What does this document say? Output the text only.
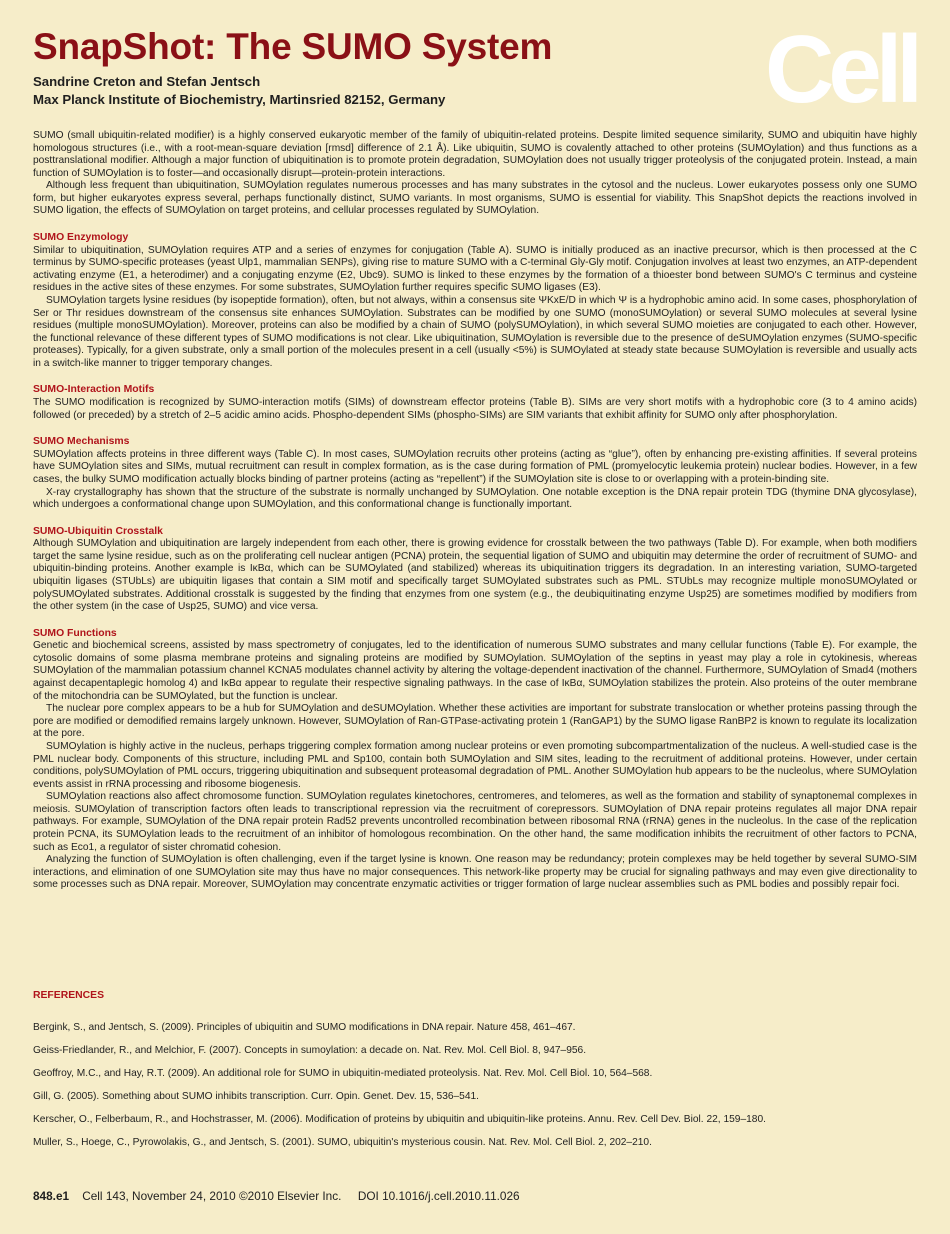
SnapShot: The SUMO System
Sandrine Creton and Stefan Jentsch
Max Planck Institute of Biochemistry, Martinsried 82152, Germany	Cell

SUMO (small ubiquitin-related modifier) is a highly conserved eukaryotic member of the family of ubiquitin-related proteins. Despite limited sequence similarity, SUMO and ubiquitin have highly homologous structures (i.e., with a root-mean-square deviation [rmsd] difference of 2.1 Å). Like ubiquitin, SUMO is covalently attached to other proteins (SUMOylation) and thus functions as a posttranslational modifier. Although a major function of ubiquitination is to promote protein degradation, SUMOylation does not usually trigger proteolysis of the conjugated protein. Instead, a main function of SUMOylation is to foster—and occasionally disrupt—protein-protein interactions.

Although less frequent than ubiquitination, SUMOylation regulates numerous processes and has many substrates in the cytosol and the nucleus. Lower eukaryotes possess only one SUMO form, but higher eukaryotes express several, perhaps functionally distinct, SUMO variants. In most organisms, SUMO is essential for viability. This SnapShot depicts the reactions involved in SUMO ligation, the effects of SUMOylation on target proteins, and cellular processes regulated by SUMOylation.

SUMO Enzymology

Similar to ubiquitination, SUMOylation requires ATP and a series of enzymes for conjugation (Table A). SUMO is initially produced as an inactive precursor, which is then processed at the C terminus by SUMO-specific proteases (yeast Ulp1, mammalian SENPs), giving rise to mature SUMO with a C-terminal Gly-Gly motif. Conjugation involves at least two enzymes, an ATP-dependent activating enzyme (E1, a heterodimer) and a conjugating enzyme (E2, Ubc9). SUMO is linked to these enzymes by the formation of a thioester bond between SUMO's C terminus and cysteine residues in the active sites of these enzymes. For some substrates, SUMOylation further requires specific SUMO ligases (E3).

SUMOylation targets lysine residues (by isopeptide formation), often, but not always, within a consensus site ΨKxE/D in which Ψ is a hydrophobic amino acid. In some cases, phosphorylation of Ser or Thr residues downstream of the consensus site enhances SUMOylation. Substrates can be modified by one SUMO (monoSUMOylation) or several SUMO molecules at several lysine residues (multiple monoSUMOylation). Moreover, proteins can also be modified by a chain of SUMO (polySUMOylation), in which several SUMO moieties are conjugated to each other. However, the functional relevance of these different types of SUMO modifications is not clear. Like ubiquitination, SUMOylation is reversible due to the presence of deSUMOylation enzymes (SUMO-specific proteases). Typically, for a given substrate, only a small portion of the molecules present in a cell (usually <5%) is SUMOylated at steady state because SUMOylation is reversible and usually acts in a switch-like manner to trigger temporary changes.

SUMO-Interaction Motifs

The SUMO modification is recognized by SUMO-interaction motifs (SIMs) of downstream effector proteins (Table B). SIMs are very short motifs with a hydrophobic core (3 to 4 amino acids) followed (or preceded) by a stretch of 2–5 acidic amino acids. Phospho-dependent SIMs (phospho-SIMs) are SIM variants that exhibit affinity for SUMO only after phosphorylation.

SUMO Mechanisms

SUMOylation affects proteins in three different ways (Table C). In most cases, SUMOylation recruits other proteins (acting as “glue”), often by enhancing pre-existing affinities. If several proteins have SUMOylation sites and SIMs, mutual recruitment can result in complex formation, as is the case during formation of PML (promyelocytic leukemia protein) nuclear bodies. However, in a few cases, the bulky SUMO modification actually blocks binding of partner proteins (acting as “repellent”) if the SUMOylation site is close to or overlapping with a protein-binding site.

X-ray crystallography has shown that the structure of the substrate is normally unchanged by SUMOylation. One notable exception is the DNA repair protein TDG (thymine DNA glycosylase), which undergoes a conformational change upon SUMOylation, and this conformational change is functionally important.

SUMO-Ubiquitin Crosstalk

Although SUMOylation and ubiquitination are largely independent from each other, there is growing evidence for crosstalk between the two pathways (Table D). For example, when both modifiers target the same lysine residue, such as on the proliferating cell nuclear antigen (PCNA) protein, the sequential ligation of SUMO and ubiquitin may determine the order of recruitment of SUMO- and ubiquitin-binding proteins. Another example is IκBα, which can be SUMOylated (and stabilized) whereas its ubiquitination triggers its degradation. In an interesting variation, SUMO-targeted ubiquitin ligases (STUbLs) are ubiquitin ligases that contain a SIM motif and specifically target SUMOylated substrates such as PML. STUbLs may recognize multiple monoSUMOylated or polySUMOylated substrates. Additional crosstalk is suggested by the finding that enzymes from one system (e.g., the deubiquitinating enzyme Usp25) are sometimes modified by modifiers from the other system (in the case of Usp25, SUMO) and vice versa.

SUMO Functions

Genetic and biochemical screens, assisted by mass spectrometry of conjugates, led to the identification of numerous SUMO substrates and many cellular functions (Table E). For example, the cytosolic domains of some plasma membrane proteins and signaling proteins are modified by SUMOylation. SUMOylation of the septins in yeast may play a role in cytokinesis, whereas SUMOylation of the mammalian potassium channel KCNA5 modulates channel activity by altering the voltage-dependent inactivation of the channel. Furthermore, SUMOylation of Smad4 (mothers against decapentaplegic homolog 4) and IκBα appear to regulate their respective signaling pathways. In the case of IκBα, SUMOylation stabilizes the protein. Also proteins of the outer membrane of the mitochondria can be SUMOylated, but the function is unclear.

The nuclear pore complex appears to be a hub for SUMOylation and deSUMOylation. Whether these activities are important for substrate translocation or whether proteins passing through the pore are modified or demodified remains largely unknown. However, SUMOylation of Ran-GTPase-activating protein 1 (RanGAP1) by the SUMO ligase RanBP2 is known to regulate its localization at the pore.

SUMOylation is highly active in the nucleus, perhaps triggering complex formation among nuclear proteins or even promoting subcompartmentalization of the nucleus. A well-studied case is the PML nuclear body. Components of this structure, including PML and Sp100, contain both SUMOylation and SIM sites, leading to the recruitment of additional proteins. However, under certain conditions, polySUMOylation of PML occurs, triggering ubiquitination and subsequent proteasomal degradation of PML. Another SUMOylation hub appears to be the nucleolus, where SUMOylation events assist in rRNA processing and ribosome biogenesis.

SUMOylation reactions also affect chromosome function. SUMOylation regulates kinetochores, centromeres, and telomeres, as well as the formation and stability of synaptonemal complexes in meiosis. SUMOylation of transcription factors often leads to transcriptional repression via the recruitment of corepressors. SUMOylation of DNA repair proteins regulates all major DNA repair pathways. For example, SUMOylation of the DNA repair protein Rad52 prevents uncontrolled recombination between ribosomal RNA (rRNA) genes in the nucleolus. In the case of the replication protein PCNA, its SUMOylation leads to the recruitment of an inhibitor of homologous recombination. On the other hand, the same modification inhibits the recruitment of other factors to PCNA, such as Eco1, a regulator of sister chromatid cohesion.

Analyzing the function of SUMOylation is often challenging, even if the target lysine is known. One reason may be redundancy; protein complexes may be held together by several SUMO-SIM interactions, and elimination of one SUMOylation site may thus have no major consequences. This network-like property may be crucial for signaling pathways and may even give directionality to some processes such as DNA repair. Moreover, SUMOylation may concentrate enzymatic activities or trigger formation of large nuclear assemblies such as PML bodies and possibly repair foci.

REFERENCES

Bergink, S., and Jentsch, S. (2009). Principles of ubiquitin and SUMO modifications in DNA repair. Nature 458, 461–467.

Geiss-Friedlander, R., and Melchior, F. (2007). Concepts in sumoylation: a decade on. Nat. Rev. Mol. Cell Biol. 8, 947–956.

Geoffroy, M.C., and Hay, R.T. (2009). An additional role for SUMO in ubiquitin-mediated proteolysis. Nat. Rev. Mol. Cell Biol. 10, 564–568.

Gill, G. (2005). Something about SUMO inhibits transcription. Curr. Opin. Genet. Dev. 15, 536–541.

Kerscher, O., Felberbaum, R., and Hochstrasser, M. (2006). Modification of proteins by ubiquitin and ubiquitin-like proteins. Annu. Rev. Cell Dev. Biol. 22, 159–180.

Muller, S., Hoege, C., Pyrowolakis, G., and Jentsch, S. (2001). SUMO, ubiquitin's mysterious cousin. Nat. Rev. Mol. Cell Biol. 2, 202–210.

848.e1 Cell 143, November 24, 2010 ©2010 Elsevier Inc. DOI 10.1016/j.cell.2010.11.026
